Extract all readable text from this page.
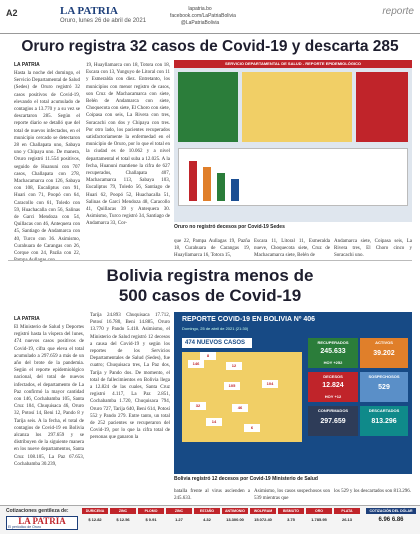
A2	LA PATRIA
Oruro, lunes 26 de abril de 2021
lapatria.bo
facebook.com/LaPatriaBolivia
@LaPatriaBolivia
reporte
Oruro registra 32 casos de Covid-19 y descarta 285
LA PATRIA
Hasta la noche del domingo, el Servicio Departamental de Salud (Sedes) de Oruro registró 32 casos positivos de Covid-19, elevando el total acumulado de contagios a 13.770 y a su vez se descartaron 285. Según el reporte diario se detalló que del total de nuevos infectados, en el municipio cercado se detectaron 28 en Challapata uno, Sabaya uno y Chipaya uno. De manera, Oruro registró 11.554 positivos, seguido de Huanuni con 707 casos, Challapata con 278, Machacamarca con 126, Sabaya con 108, Eucaliptus con 91, Huari con 71, Poopó con 64, Caracollo con 61, Toledo con 59, Huachacalla con 56, Salinas de Garci Mendoza con 54, Quillacas con 46, Antequera con 45, Santiago de Andamarca con 40, Turco con 36. Asimismo, Curahuara de Carangas con 26, Corque con 24, Pazña con 22,
19, Huayllamarca con 18, Totora con 18, Escara con 13, Yunguyo de Litoral con 11 y Esmeralda con diez. Entretanto, los municipios con menor registro de casos, son Cruz de Machacamarca con siete, Belén de Andamarca con siete, Choquecota con siete, El Choro con siete, Coipasa con seis, La Rivera con tres, Soracachi con dos y Chipaya con tres. Por otro lado, los pacientes recuperados satisfactoriamente la enfermedad en el municipio de Oruro, por lo que el total en la ciudad es de 10.062 y a nivel departamental el total suba a 12.025. A la fecha, Huanuni mantiene la cifra de 627 recuperados, Challapata 407, Machacamarca 113, Sabaya 103, Eucaliptus 79, Toledo 56, Santiago de Huari 62, Poopó 52, Huachacalla 51, Salinas de Garci Mendoza 48, Caracollo 41, Quillacas 39 y Antequera 30. Asimismo, Turco registró 34, Santiago de Andamarca 33, Cor-
SERVICIO DEPARTAMENTAL DE SALUD - REPORTE EPIDEMIOLÓGICO
Oruro no registró decesos por Covid-19 Sedes
que 22, Pampa Aullagas 19, Pazña 18, Curahuara de Carangas 19, Huayllamarca 16, Totora 15,
Escara 11, Litoral 11, Esmeralda nueve, Choquecota siete, Cruz de Machacamarca siete, Belén de
Andamarca siete, Coipasa seis, La Rivera tres, El Choro cinco y Soracachi uno.
Bolivia registra menos de
500 casos de Covid-19
LA PATRIA
El Ministerio de Salud y Deportes registró hasta la víspera del lunes, 474 nuevos casos positivos de Covid-19, cifra que eleva el total acumulado a 297.659 a más de un año del brote de la pandemia. Según el reporte epidemiológico nacional, del total de nuevos infectados, el departamento de La Paz confirmó la mayor cantidad con 146, Cochabamba 105, Santa Cruz 104, Chuquisaca 46, Oruro 32, Potosí 14, Beni 12, Pando 8 y Tarija seis. A la fecha, el total de contagios de Covid-19 en Bolivia alcanza los 297.659 y se distribuyen de la siguiente manera en los nueve departamentos, Santa Cruz 108.105, La Paz 67.653, Cochabamba 30.239,
Tarija 24.893 Chuquisaca 17.712, Potosí 16.780, Beni 14.885, Oruro 13.770 y Pando 5.418. Asimismo, el Ministerio de Salud registró 12 decesos a causa del Covid-19 y según los reportes de los Servicios Departamentales de Salud (Sedes), fue cuatro; Chuquisaca tres, La Paz dos, Tarija y Pando dos. De momento, el total de fallecimientos en Bolivia llega a 12.824 de las cuales, Santa Cruz registró 4.117, La Paz 2.851, Cochabamba 1.720, Chuquisaca 794, Oruro 727, Tarija 640, Beni 614, Potosí 552 y Pando 279. Entre tanto, un total de 252 pacientes se recuperaron del Covid-19, por lo que la cifra total de personas que ganaron la
REPORTE COVID-19 EN BOLIVIA Nº 406
Domingo, 25 de abril de 2021 (21:30)
474 NUEVOS CASOS
146
105	104
46
32
14
12
8
6
RECUPERADOS
245.633
HOY +252
ACTIVOS
39.202
DECESOS
12.824
HOY +12
SOSPECHOSOS
529
CONFIRMADOS
297.659
DESCARTADOS
813.296
Bolivia registró 12 decesos por Covid-19 Ministerio de Salud
batalla frente al virus ascienden a 245.633.
Asimismo, los casos sospechosos son 539 mientras que
los 529 y los descartados son 813.296.
Cotizaciones gentileza de:
LA PATRIA
El periódico de Oruro
DURICENA
$ 12.82
ZINC
$ 12.56
PLOMO
$ 0.91
ZINC
1.27
ESTAÑO
4.32
ANTIMONIO
13.300.00
WOLFRAM
15.072.40
BISMUTO
3.75
ORO
1.785.95
PLATA
26.13
COTIZACIÓN DEL DÓLAR
6.96 6.86
